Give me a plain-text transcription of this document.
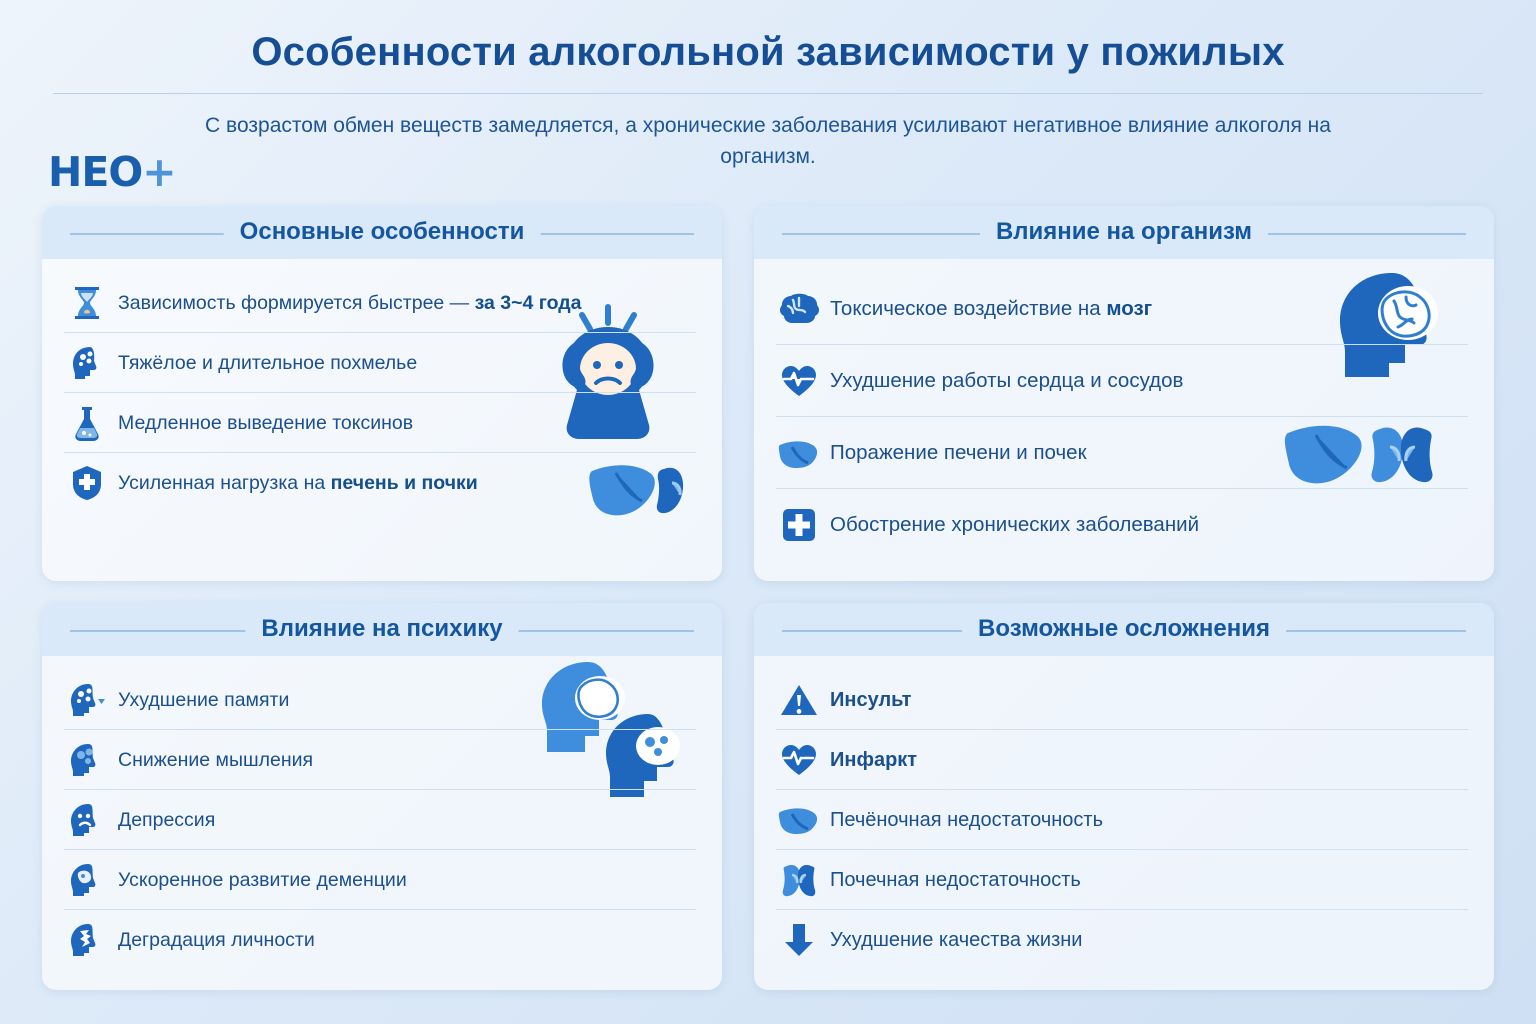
Особенности алкогольной зависимости у пожилых
С возрастом обмен веществ замедляется, а хронические заболевания усиливают негативное влияние алкоголя на организм.
HEO+
Основные особенности
Зависимость формируется быстрее — за 3~4 года
Тяжёлое и длительное похмелье
Медленное выведение токсинов
Усиленная нагрузка на печень и почки
Влияние на организм
Токсическое воздействие на мозг
Ухудшение работы сердца и сосудов
Поражение печени и почек
Обострение хронических заболеваний
Влияние на психику
Ухудшение памяти
Снижение мышления
Депрессия
Ускоренное развитие деменции
Деградация личности
Возможные осложнения
Инсульт
Инфаркт
Печёночная недостаточность
Почечная недостаточность
Ухудшение качества жизни
